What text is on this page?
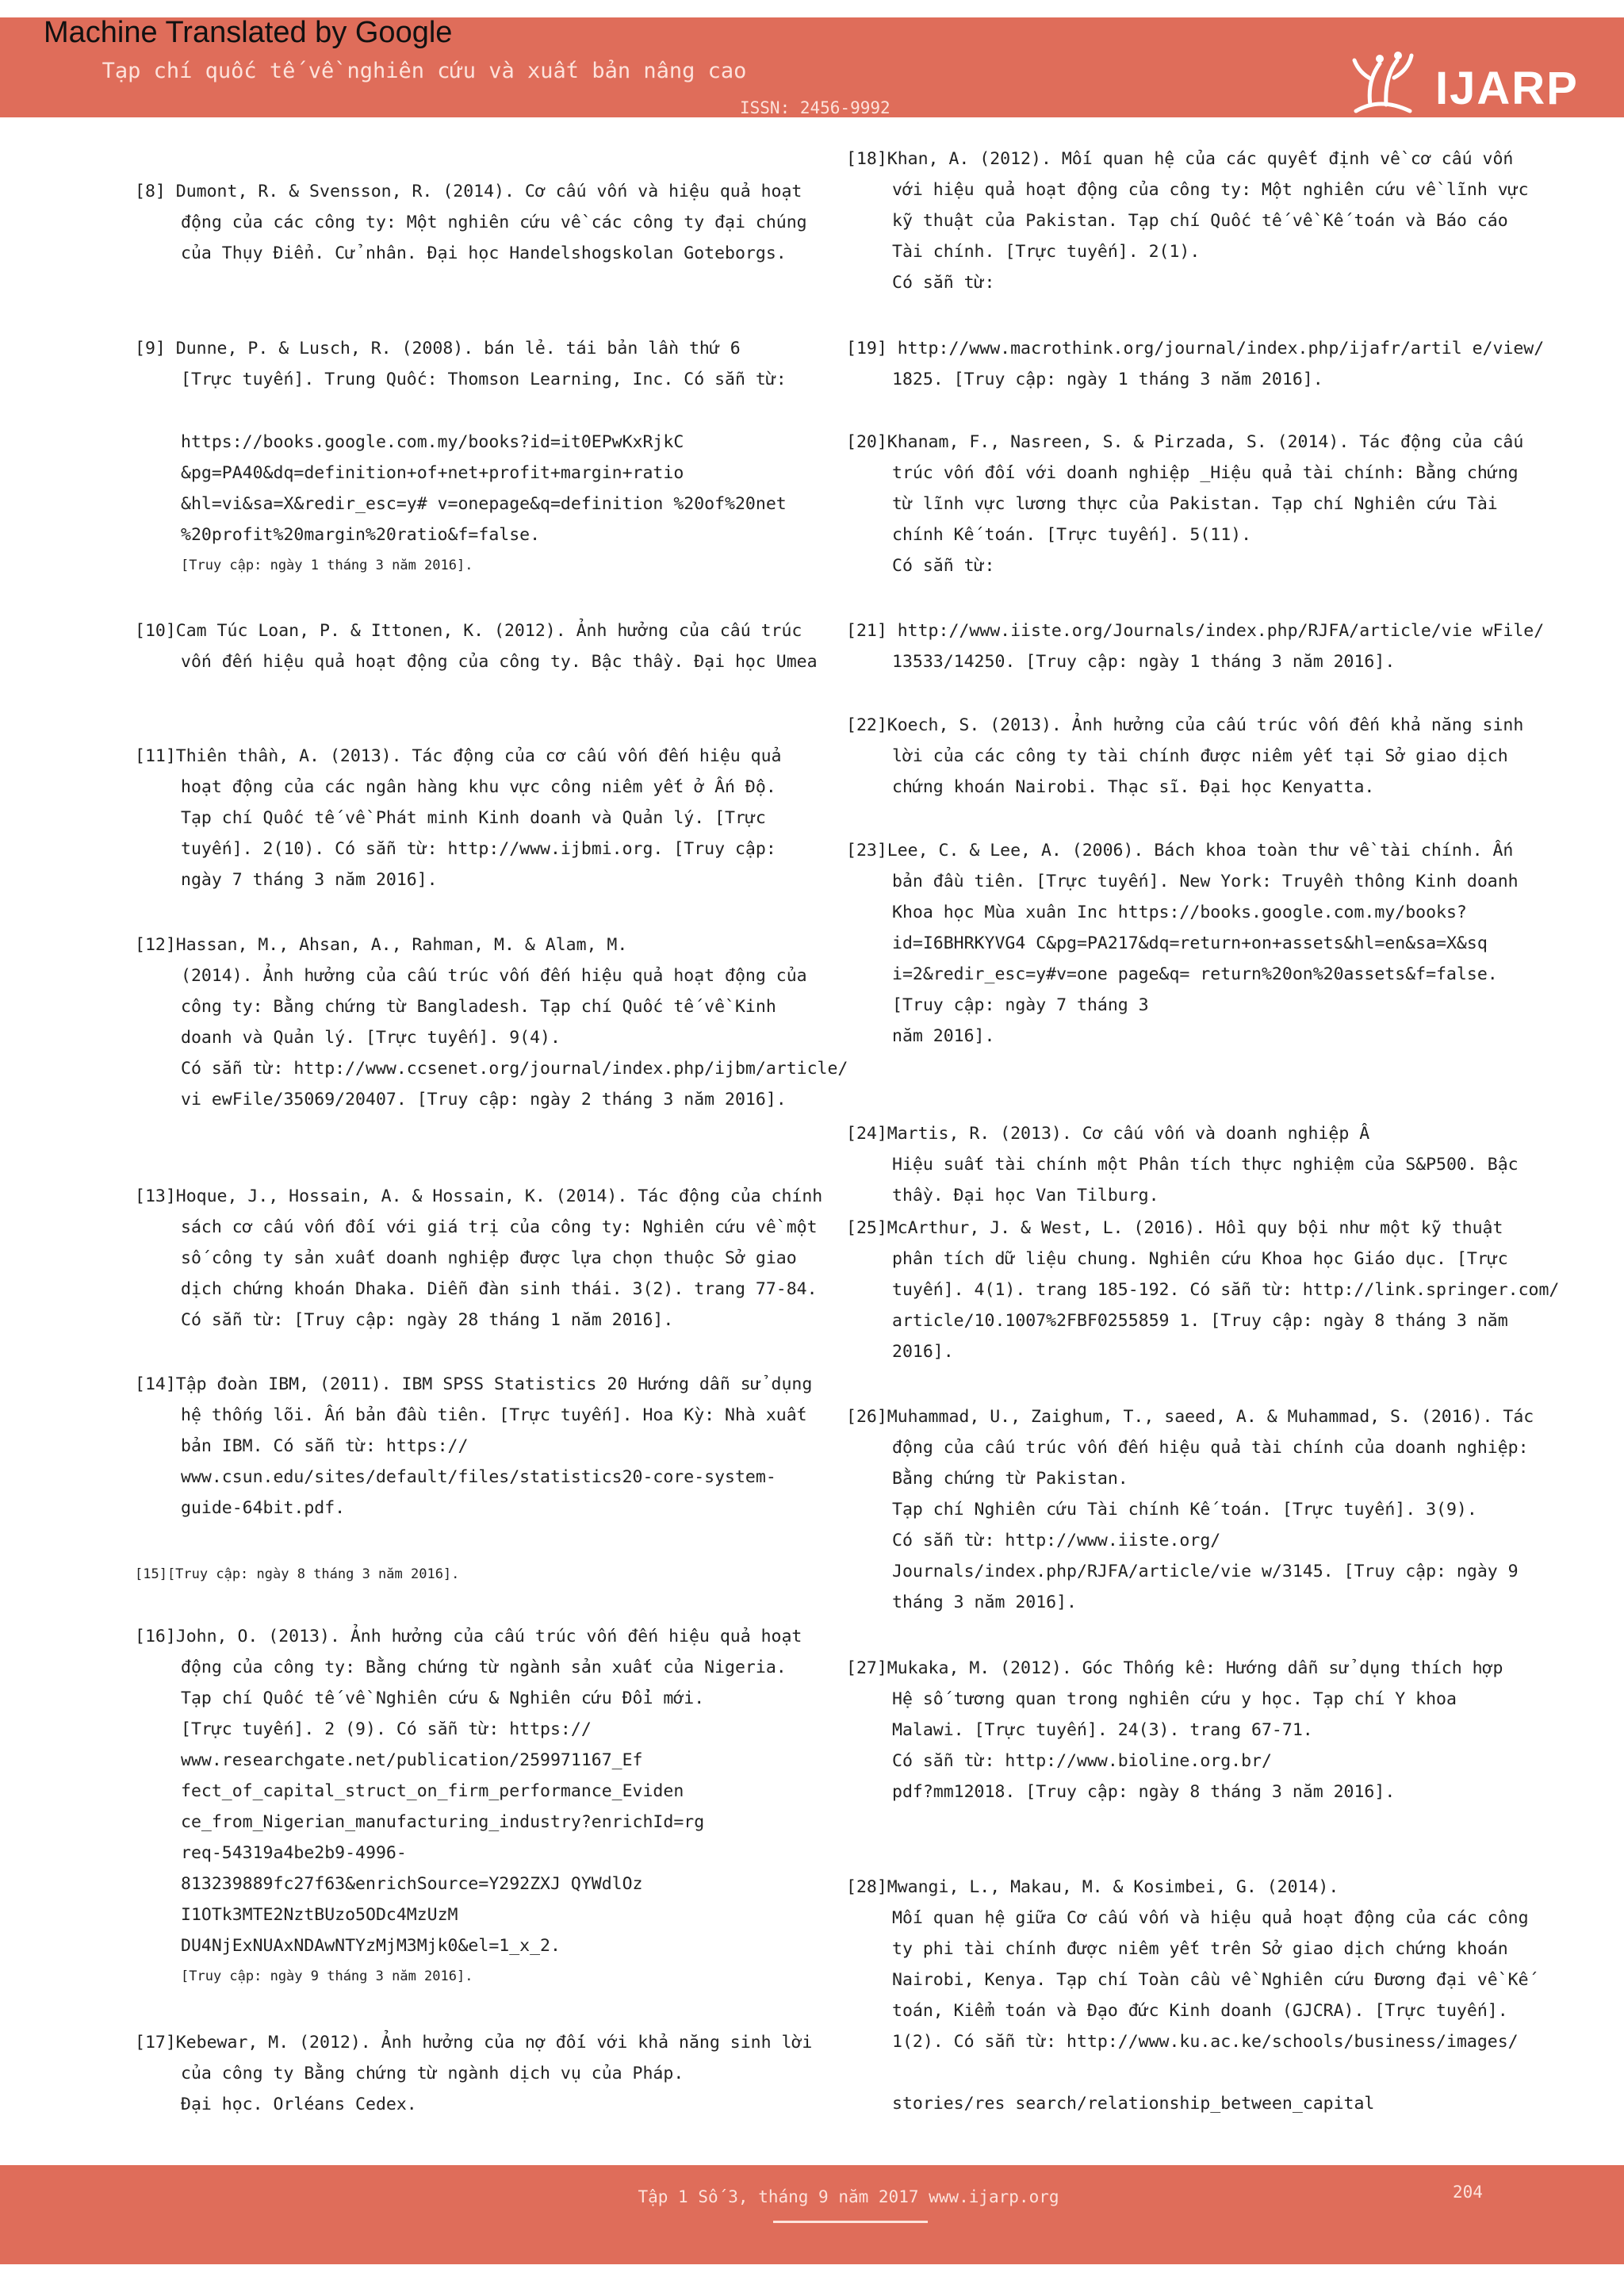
Tạp chí quốc tế về nghiên cứu và xuất bản nâng cao
ISSN: 2456-9992	IJARP
Machine Translated by Google
[8] Dumont, R. & Svensson, R. (2014). Cơ cấu vốn và hiệu quả hoạt
động của các công ty: Một nghiên cứu về các công ty đại chúng
của Thụy Điển. Cử nhân. Đại học Handelshogskolan Goteborgs.
[9] Dunne, P. & Lusch, R. (2008). bán lẻ. tái bản lần thứ 6
[Trực tuyến]. Trung Quốc: Thomson Learning, Inc. Có sẵn từ:
https://books.google.com.my/books?id=it0EPwKxRjkC
&pg=PA40&dq=definition+of+net+profit+margin+ratio
&hl=vi&sa=X&redir_esc=y# v=onepage&q=definition %20of%20net
%20profit%20margin%20ratio&f=false.
[Truy cập: ngày 1 tháng 3 năm 2016].
[10]Cam Túc Loan, P. & Ittonen, K. (2012). Ảnh hưởng của cấu trúc
vốn đến hiệu quả hoạt động của công ty. Bậc thầy. Đại học Umea
[11]Thiên thần, A. (2013). Tác động của cơ cấu vốn đến hiệu quả
hoạt động của các ngân hàng khu vực công niêm yết ở Ấn Độ.
Tạp chí Quốc tế về Phát minh Kinh doanh và Quản lý. [Trực
tuyến]. 2(10). Có sẵn từ: http://www.ijbmi.org. [Truy cập:
ngày 7 tháng 3 năm 2016].
[12]Hassan, M., Ahsan, A., Rahman, M. & Alam, M.
(2014). Ảnh hưởng của cấu trúc vốn đến hiệu quả hoạt động của
công ty: Bằng chứng từ Bangladesh. Tạp chí Quốc tế về Kinh
doanh và Quản lý. [Trực tuyến]. 9(4).
Có sẵn từ: http://www.ccsenet.org/journal/index.php/ijbm/article/
vi ewFile/35069/20407. [Truy cập: ngày 2 tháng 3 năm 2016].
[13]Hoque, J., Hossain, A. & Hossain, K. (2014). Tác động của chính
sách cơ cấu vốn đối với giá trị của công ty: Nghiên cứu về một
số công ty sản xuất doanh nghiệp được lựa chọn thuộc Sở giao
dịch chứng khoán Dhaka. Diễn đàn sinh thái. 3(2). trang 77-84.
Có sẵn từ: [Truy cập: ngày 28 tháng 1 năm 2016].
[14]Tập đoàn IBM, (2011). IBM SPSS Statistics 20 Hướng dẫn sử dụng
hệ thống lõi. Ấn bản đầu tiên. [Trực tuyến]. Hoa Kỳ: Nhà xuất
bản IBM. Có sẵn từ: https://
www.csun.edu/sites/default/files/statistics20-core-system-
guide-64bit.pdf.
[15][Truy cập: ngày 8 tháng 3 năm 2016].
[16]John, O. (2013). Ảnh hưởng của cấu trúc vốn đến hiệu quả hoạt
động của công ty: Bằng chứng từ ngành sản xuất của Nigeria.
Tạp chí Quốc tế về Nghiên cứu & Nghiên cứu Đổi mới.
[Trực tuyến]. 2 (9). Có sẵn từ: https://
www.researchgate.net/publication/259971167_Ef
fect_of_capital_struct_on_firm_performance_Eviden
ce_from_Nigerian_manufacturing_industry?enrichId=rg
req-54319a4be2b9-4996-
813239889fc27f63&enrichSource=Y292ZXJ QYWdlOz
I1OTk3MTE2NztBUzo5ODc4MzUzM
DU4NjExNUAxNDAwNTYzMjM3Mjk0&el=1_x_2.
[Truy cập: ngày 9 tháng 3 năm 2016].
[17]Kebewar, M. (2012). Ảnh hưởng của nợ đối với khả năng sinh lời
của công ty Bằng chứng từ ngành dịch vụ của Pháp.
Đại học. Orléans Cedex.
[18]Khan, A. (2012). Mối quan hệ của các quyết định về cơ cấu vốn
với hiệu quả hoạt động của công ty: Một nghiên cứu về lĩnh vực
kỹ thuật của Pakistan. Tạp chí Quốc tế về Kế toán và Báo cáo
Tài chính. [Trực tuyến]. 2(1).
Có sẵn từ:
[19] http://www.macrothink.org/journal/index.php/ijafr/artil e/view/
1825. [Truy cập: ngày 1 tháng 3 năm 2016].
[20]Khanam, F., Nasreen, S. & Pirzada, S. (2014). Tác động của cấu
trúc vốn đối với doanh nghiệp _Hiệu quả tài chính: Bằng chứng
từ lĩnh vực lương thực của Pakistan. Tạp chí Nghiên cứu Tài
chính Kế toán. [Trực tuyến]. 5(11).
Có sẵn từ:
[21] http://www.iiste.org/Journals/index.php/RJFA/article/vie wFile/
13533/14250. [Truy cập: ngày 1 tháng 3 năm 2016].
[22]Koech, S. (2013). Ảnh hưởng của cấu trúc vốn đến khả năng sinh
lời của các công ty tài chính được niêm yết tại Sở giao dịch
chứng khoán Nairobi. Thạc sĩ. Đại học Kenyatta.
[23]Lee, C. & Lee, A. (2006). Bách khoa toàn thư về tài chính. Ấn
bản đầu tiên. [Trực tuyến]. New York: Truyền thông Kinh doanh
Khoa học Mùa xuân Inc https://books.google.com.my/books?
id=I6BHRKYVG4 C&pg=PA217&dq=return+on+assets&hl=en&sa=X&sq
i=2&redir_esc=y#v=one page&q= return%20on%20assets&f=false.
[Truy cập: ngày 7 tháng 3
năm 2016].
[24]Martis, R. (2013). Cơ cấu vốn và doanh nghiệp Â
Hiệu suất tài chính một Phân tích thực nghiệm của S&P500. Bậc
thầy. Đại học Van Tilburg.
[25]McArthur, J. & West, L. (2016). Hồi quy bội như một kỹ thuật
phân tích dữ liệu chung. Nghiên cứu Khoa học Giáo dục. [Trực
tuyến]. 4(1). trang 185-192. Có sẵn từ: http://link.springer.com/
article/10.1007%2FBF0255859 1. [Truy cập: ngày 8 tháng 3 năm
2016].
[26]Muhammad, U., Zaighum, T., saeed, A. & Muhammad, S. (2016). Tác
động của cấu trúc vốn đến hiệu quả tài chính của doanh nghiệp:
Bằng chứng từ Pakistan.
Tạp chí Nghiên cứu Tài chính Kế toán. [Trực tuyến]. 3(9).
Có sẵn từ: http://www.iiste.org/
Journals/index.php/RJFA/article/vie w/3145. [Truy cập: ngày 9
tháng 3 năm 2016].
[27]Mukaka, M. (2012). Góc Thống kê: Hướng dẫn sử dụng thích hợp
Hệ số tương quan trong nghiên cứu y học. Tạp chí Y khoa
Malawi. [Trực tuyến]. 24(3). trang 67-71.
Có sẵn từ: http://www.bioline.org.br/
pdf?mm12018. [Truy cập: ngày 8 tháng 3 năm 2016].
[28]Mwangi, L., Makau, M. & Kosimbei, G. (2014).
Mối quan hệ giữa Cơ cấu vốn và hiệu quả hoạt động của các công
ty phi tài chính được niêm yết trên Sở giao dịch chứng khoán
Nairobi, Kenya. Tạp chí Toàn cầu về Nghiên cứu Đương đại về Kế
toán, Kiểm toán và Đạo đức Kinh doanh (GJCRA). [Trực tuyến].
1(2). Có sẵn từ: http://www.ku.ac.ke/schools/business/images/
stories/res search/relationship_between_capital
Tập 1 Số 3, tháng 9 năm 2017 www.ijarp.org	204
